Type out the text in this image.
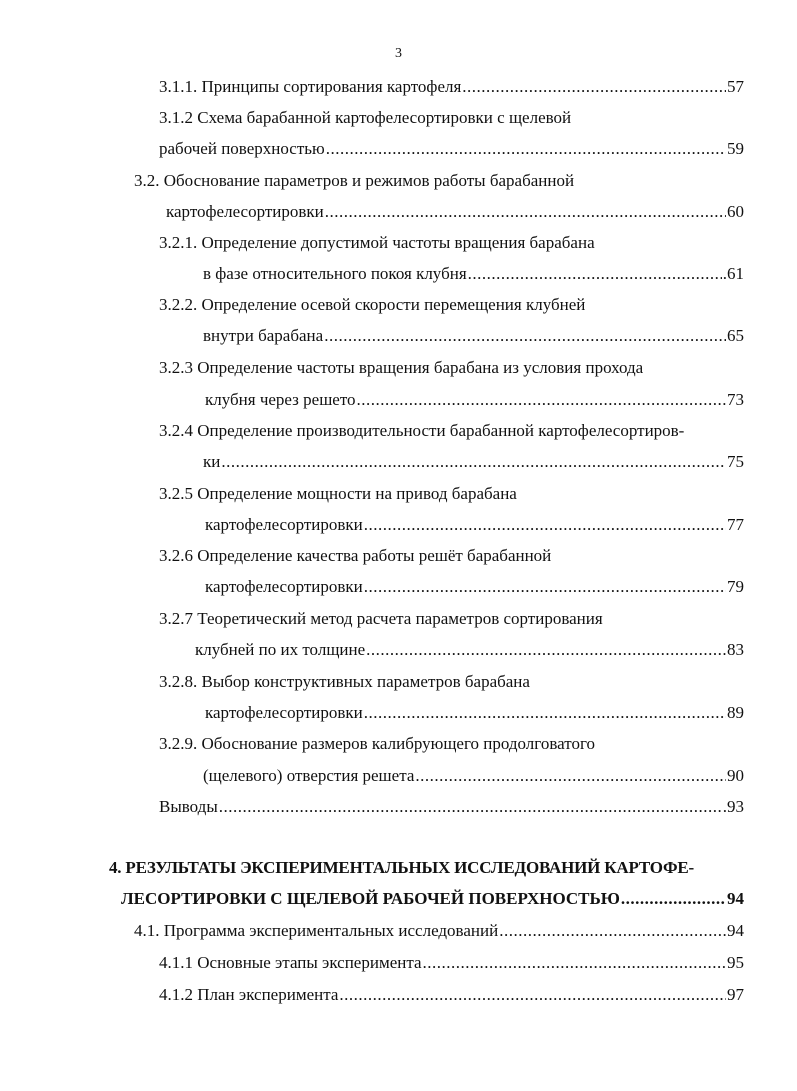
3
3.1.1. Принципы сортирования картофеля .....	57
3.1.2 Схема барабанной картофелесортировки с щелевой
рабочей поверхностью .....	59
3.2. Обоснование параметров и режимов работы барабанной
картофелесортировки .....	60
3.2.1. Определение допустимой частоты вращения барабана
в фазе относительного покоя клубня .....	.61
3.2.2. Определение осевой скорости перемещения клубней
внутри барабана .....	65
3.2.3 Определение частоты вращения барабана из условия прохода
клубня через решето .....	73
3.2.4 Определение производительности барабанной картофелесортиров-
ки .....	75
3.2.5 Определение мощности на привод барабана
картофелесортировки .....	77
3.2.6 Определение качества работы решёт барабанной
картофелесортировки .....	79
3.2.7 Теоретический метод расчета параметров сортирования
клубней по их толщине .....	83
3.2.8. Выбор конструктивных параметров барабана
картофелесортировки .....	89
3.2.9. Обоснование размеров калибрующего продолговатого
(щелевого) отверстия решета .....	90
Выводы .....	.93
4. РЕЗУЛЬТАТЫ ЭКСПЕРИМЕНТАЛЬНЫХ ИССЛЕДОВАНИЙ КАРТОФЕ-
ЛЕСОРТИРОВКИ С ЩЕЛЕВОЙ РАБОЧЕЙ ПОВЕРХНОСТЬЮ .....	94
4.1. Программа экспериментальных исследований .....	94
4.1.1 Основные этапы эксперимента .....	95
4.1.2 План эксперимента .....	97
